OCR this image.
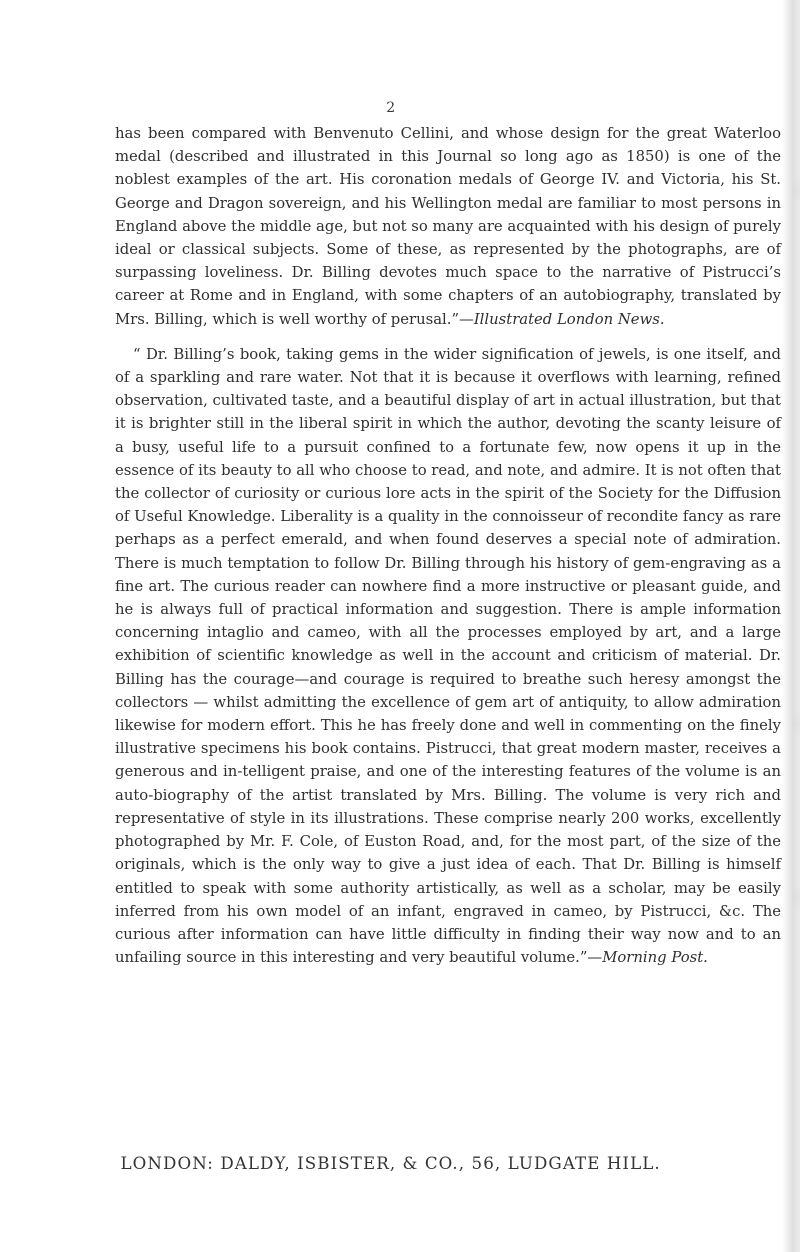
2

has been compared with Benvenuto Cellini, and whose design for the great Waterloo medal (described and illustrated in this Journal so long ago as 1850) is one of the noblest examples of the art. His coronation medals of George IV. and Victoria, his St. George and Dragon sovereign, and his Wellington medal are familiar to most persons in England above the middle age, but not so many are acquainted with his design of purely ideal or classical subjects. Some of these, as represented by the photographs, are of surpassing loveliness. Dr. Billing devotes much space to the narrative of Pistrucci’s career at Rome and in England, with some chapters of an autobiography, translated by Mrs. Billing, which is well worthy of perusal.”—Illustrated London News.

“ Dr. Billing’s book, taking gems in the wider signification of jewels, is one itself, and of a sparkling and rare water. Not that it is because it overflows with learning, refined observation, cultivated taste, and a beautiful display of art in actual illustration, but that it is brighter still in the liberal spirit in which the author, devoting the scanty leisure of a busy, useful life to a pursuit confined to a fortunate few, now opens it up in the essence of its beauty to all who choose to read, and note, and admire. It is not often that the collector of curiosity or curious lore acts in the spirit of the Society for the Diffusion of Useful Knowledge. Liberality is a quality in the connoisseur of recondite fancy as rare perhaps as a perfect emerald, and when found deserves a special note of admiration. There is much temptation to follow Dr. Billing through his history of gem-engraving as a fine art. The curious reader can nowhere find a more instructive or pleasant guide, and he is always full of practical information and suggestion. There is ample information concerning intaglio and cameo, with all the processes employed by art, and a large exhibition of scientific knowledge as well in the account and criticism of material. Dr. Billing has the courage—and courage is required to breathe such heresy amongst the collectors — whilst admitting the excellence of gem art of antiquity, to allow admiration likewise for modern effort. This he has freely done and well in commenting on the finely illustrative specimens his book contains. Pistrucci, that great modern master, receives a generous and in-telligent praise, and one of the interesting features of the volume is an auto-biography of the artist translated by Mrs. Billing. The volume is very rich and representative of style in its illustrations. These comprise nearly 200 works, excellently photographed by Mr. F. Cole, of Euston Road, and, for the most part, of the size of the originals, which is the only way to give a just idea of each. That Dr. Billing is himself entitled to speak with some authority artistically, as well as a scholar, may be easily inferred from his own model of an infant, engraved in cameo, by Pistrucci, &c. The curious after information can have little difficulty in finding their way now and to an unfailing source in this interesting and very beautiful volume.”—Morning Post.

LONDON: DALDY, ISBISTER, & CO., 56, LUDGATE HILL.
